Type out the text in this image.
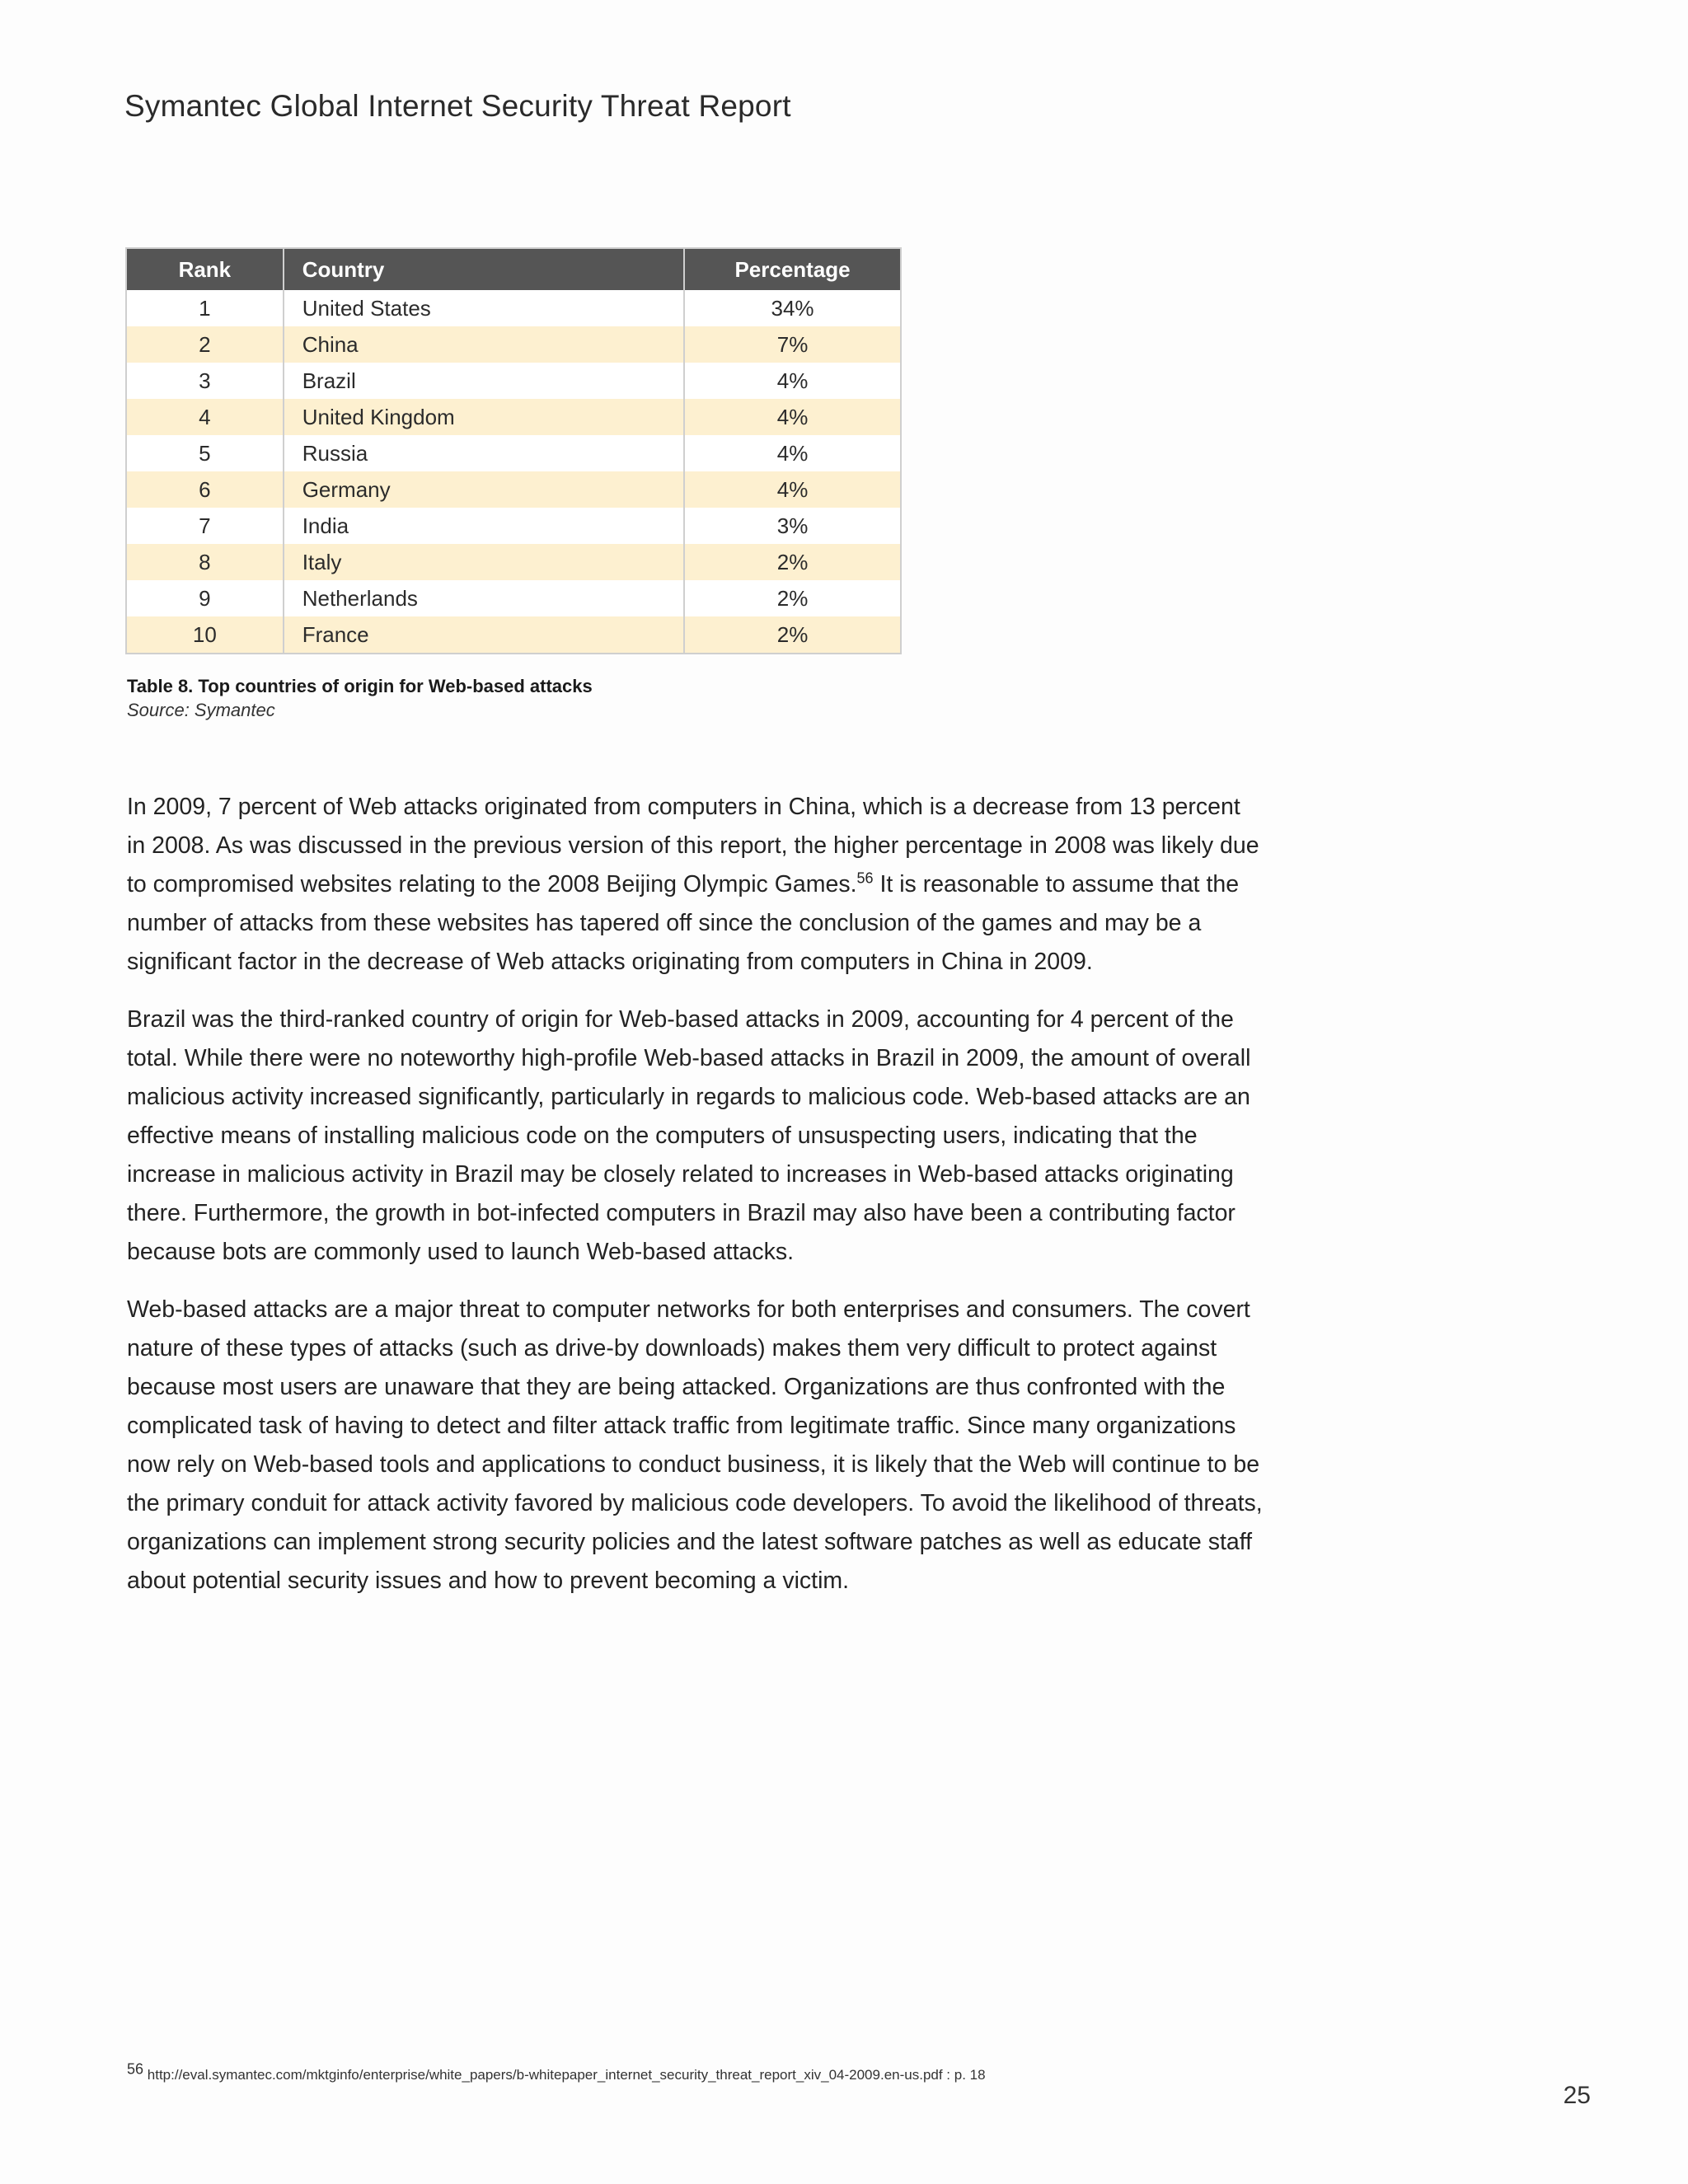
Symantec Global Internet Security Threat Report
Rank	Country	Percentage
1	United States	34%
2	China	7%
3	Brazil	4%
4	United Kingdom	4%
5	Russia	4%
6	Germany	4%
7	India	3%
8	Italy	2%
9	Netherlands	2%
10	France	2%
Table 8. Top countries of origin for Web-based attacks
Source: Symantec

In 2009, 7 percent of Web attacks originated from computers in China, which is a decrease from 13 percent in 2008. As was discussed in the previous version of this report, the higher percentage in 2008 was likely due to compromised websites relating to the 2008 Beijing Olympic Games.$^{56}$ It is reasonable to assume that the number of attacks from these websites has tapered off since the conclusion of the games and may be a significant factor in the decrease of Web attacks originating from computers in China in 2009.

Brazil was the third-ranked country of origin for Web-based attacks in 2009, accounting for 4 percent of the total. While there were no noteworthy high-profile Web-based attacks in Brazil in 2009, the amount of overall malicious activity increased significantly, particularly in regards to malicious code. Web-based attacks are an effective means of installing malicious code on the computers of unsuspecting users, indicating that the increase in malicious activity in Brazil may be closely related to increases in Web-based attacks originating there. Furthermore, the growth in bot-infected computers in Brazil may also have been a contributing factor because bots are commonly used to launch Web-based attacks.

Web-based attacks are a major threat to computer networks for both enterprises and consumers. The covert nature of these types of attacks (such as drive-by downloads) makes them very difficult to protect against because most users are unaware that they are being attacked. Organizations are thus confronted with the complicated task of having to detect and filter attack traffic from legitimate traffic. Since many organizations now rely on Web-based tools and applications to conduct business, it is likely that the Web will continue to be the primary conduit for attack activity favored by malicious code developers. To avoid the likelihood of threats, organizations can implement strong security policies and the latest software patches as well as educate staff about potential security issues and how to prevent becoming a victim.

$^{56}$ http://eval.symantec.com/mktginfo/enterprise/white_papers/b-whitepaper_internet_security_threat_report_xiv_04-2009.en-us.pdf : p. 18
25
